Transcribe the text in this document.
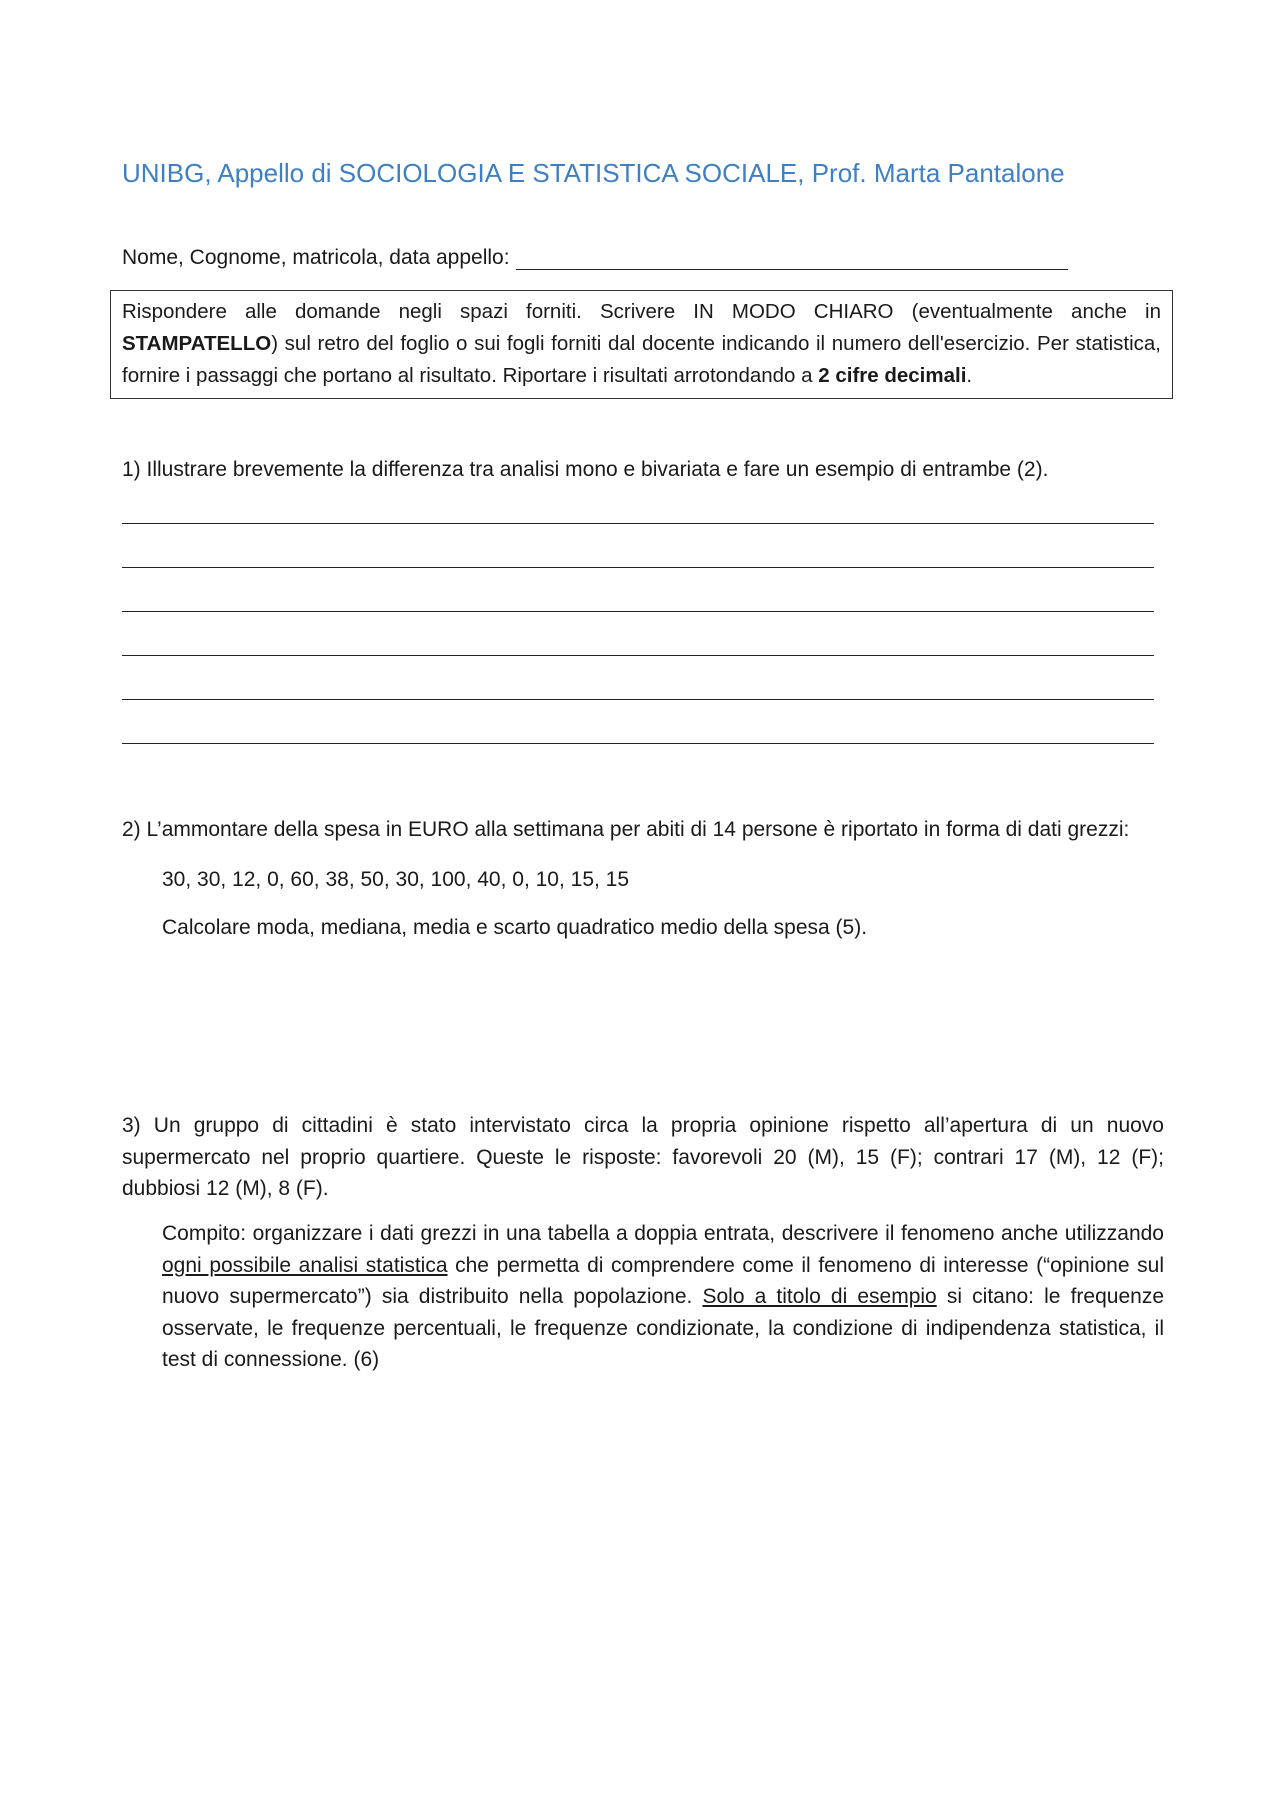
UNIBG, Appello di SOCIOLOGIA E STATISTICA SOCIALE, Prof. Marta Pantalone
Nome, Cognome, matricola, data appello:
Rispondere alle domande negli spazi forniti. Scrivere IN MODO CHIARO (eventualmente anche in STAMPATELLO) sul retro del foglio o sui fogli forniti dal docente indicando il numero dell'esercizio. Per statistica, fornire i passaggi che portano al risultato. Riportare i risultati arrotondando a 2 cifre decimali.
1) Illustrare brevemente la differenza tra analisi mono e bivariata e fare un esempio di entrambe (2).
2) L’ammontare della spesa in EURO alla settimana per abiti di 14 persone è riportato in forma di dati grezzi:
30, 30, 12, 0, 60, 38, 50, 30, 100, 40, 0, 10, 15, 15
Calcolare moda, mediana, media e scarto quadratico medio della spesa (5).
3) Un gruppo di cittadini è stato intervistato circa la propria opinione rispetto all’apertura di un nuovo supermercato nel proprio quartiere. Queste le risposte: favorevoli 20 (M), 15 (F); contrari 17 (M), 12 (F); dubbiosi 12 (M), 8 (F).
Compito: organizzare i dati grezzi in una tabella a doppia entrata, descrivere il fenomeno anche utilizzando ogni possibile analisi statistica che permetta di comprendere come il fenomeno di interesse (“opinione sul nuovo supermercato”) sia distribuito nella popolazione. Solo a titolo di esempio si citano: le frequenze osservate, le frequenze percentuali, le frequenze condizionate, la condizione di indipendenza statistica, il test di connessione. (6)
